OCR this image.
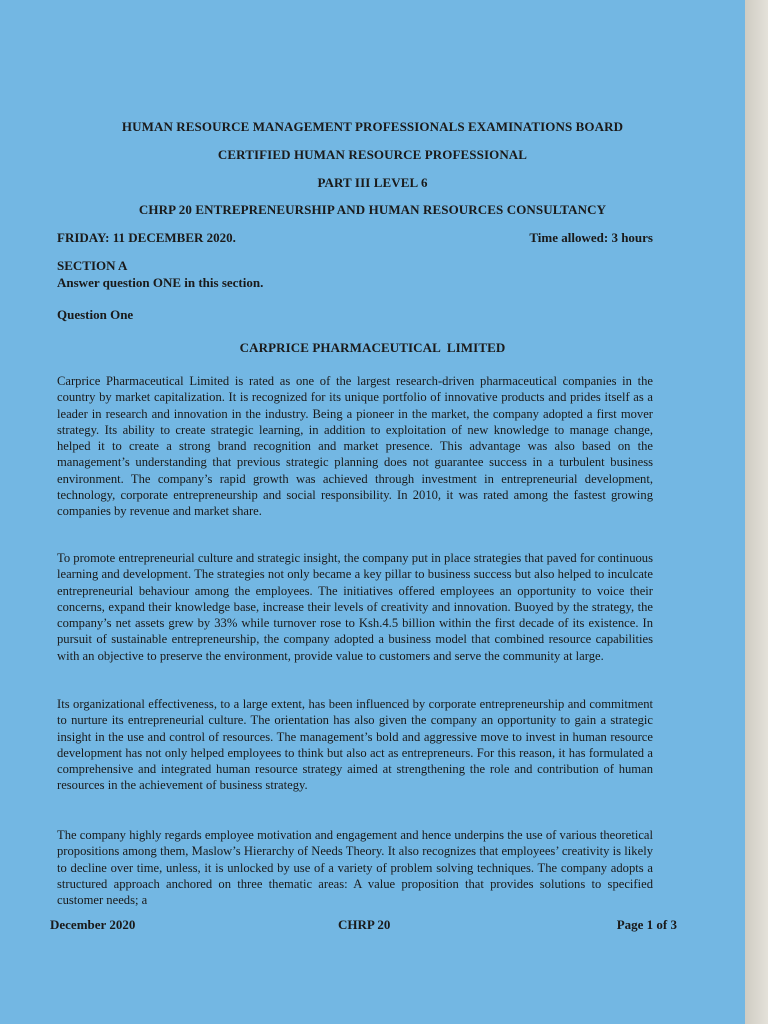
HUMAN RESOURCE MANAGEMENT PROFESSIONALS EXAMINATIONS BOARD
CERTIFIED HUMAN RESOURCE PROFESSIONAL
PART III LEVEL 6
CHRP 20 ENTREPRENEURSHIP AND HUMAN RESOURCES CONSULTANCY
FRIDAY: 11 DECEMBER 2020.	Time allowed: 3 hours
SECTION A
Answer question ONE in this section.
Question One
CARPRICE PHARMACEUTICAL  LIMITED
Carprice Pharmaceutical Limited is rated as one of the largest research-driven pharmaceutical companies in the country by market capitalization. It is recognized for its unique portfolio of innovative products and prides itself as a leader in research and innovation in the industry. Being a pioneer in the market, the company adopted a first mover strategy. Its ability to create strategic learning, in addition to exploitation of new knowledge to manage change, helped it to create a strong brand recognition and market presence. This advantage was also based on the management’s understanding that previous strategic planning does not guarantee success in a turbulent business environment. The company’s rapid growth was achieved through investment in entrepreneurial development, technology, corporate entrepreneurship and social responsibility. In 2010, it was rated among the fastest growing companies by revenue and market share.
To promote entrepreneurial culture and strategic insight, the company put in place strategies that paved for continuous learning and development. The strategies not only became a key pillar to business success but also helped to inculcate entrepreneurial behaviour among the employees. The initiatives offered employees an opportunity to voice their concerns, expand their knowledge base, increase their levels of creativity and innovation. Buoyed by the strategy, the company’s net assets grew by 33% while turnover rose to Ksh.4.5 billion within the first decade of its existence. In pursuit of sustainable entrepreneurship, the company adopted a business model that combined resource capabilities with an objective to preserve the environment, provide value to customers and serve the community at large.
Its organizational effectiveness, to a large extent, has been influenced by corporate entrepreneurship and commitment to nurture its entrepreneurial culture. The orientation has also given the company an opportunity to gain a strategic insight in the use and control of resources. The management’s bold and aggressive move to invest in human resource development has not only helped employees to think but also act as entrepreneurs. For this reason, it has formulated a comprehensive and integrated human resource strategy aimed at strengthening the role and contribution of human resources in the achievement of business strategy.
The company highly regards employee motivation and engagement and hence underpins the use of various theoretical propositions among them, Maslow’s Hierarchy of Needs Theory. It also recognizes that employees’ creativity is likely to decline over time, unless, it is unlocked by use of a variety of problem solving techniques. The company adopts a structured approach anchored on three thematic areas: A value proposition that provides solutions to specified customer needs; a
December 2020	CHRP 20	Page 1 of 3
